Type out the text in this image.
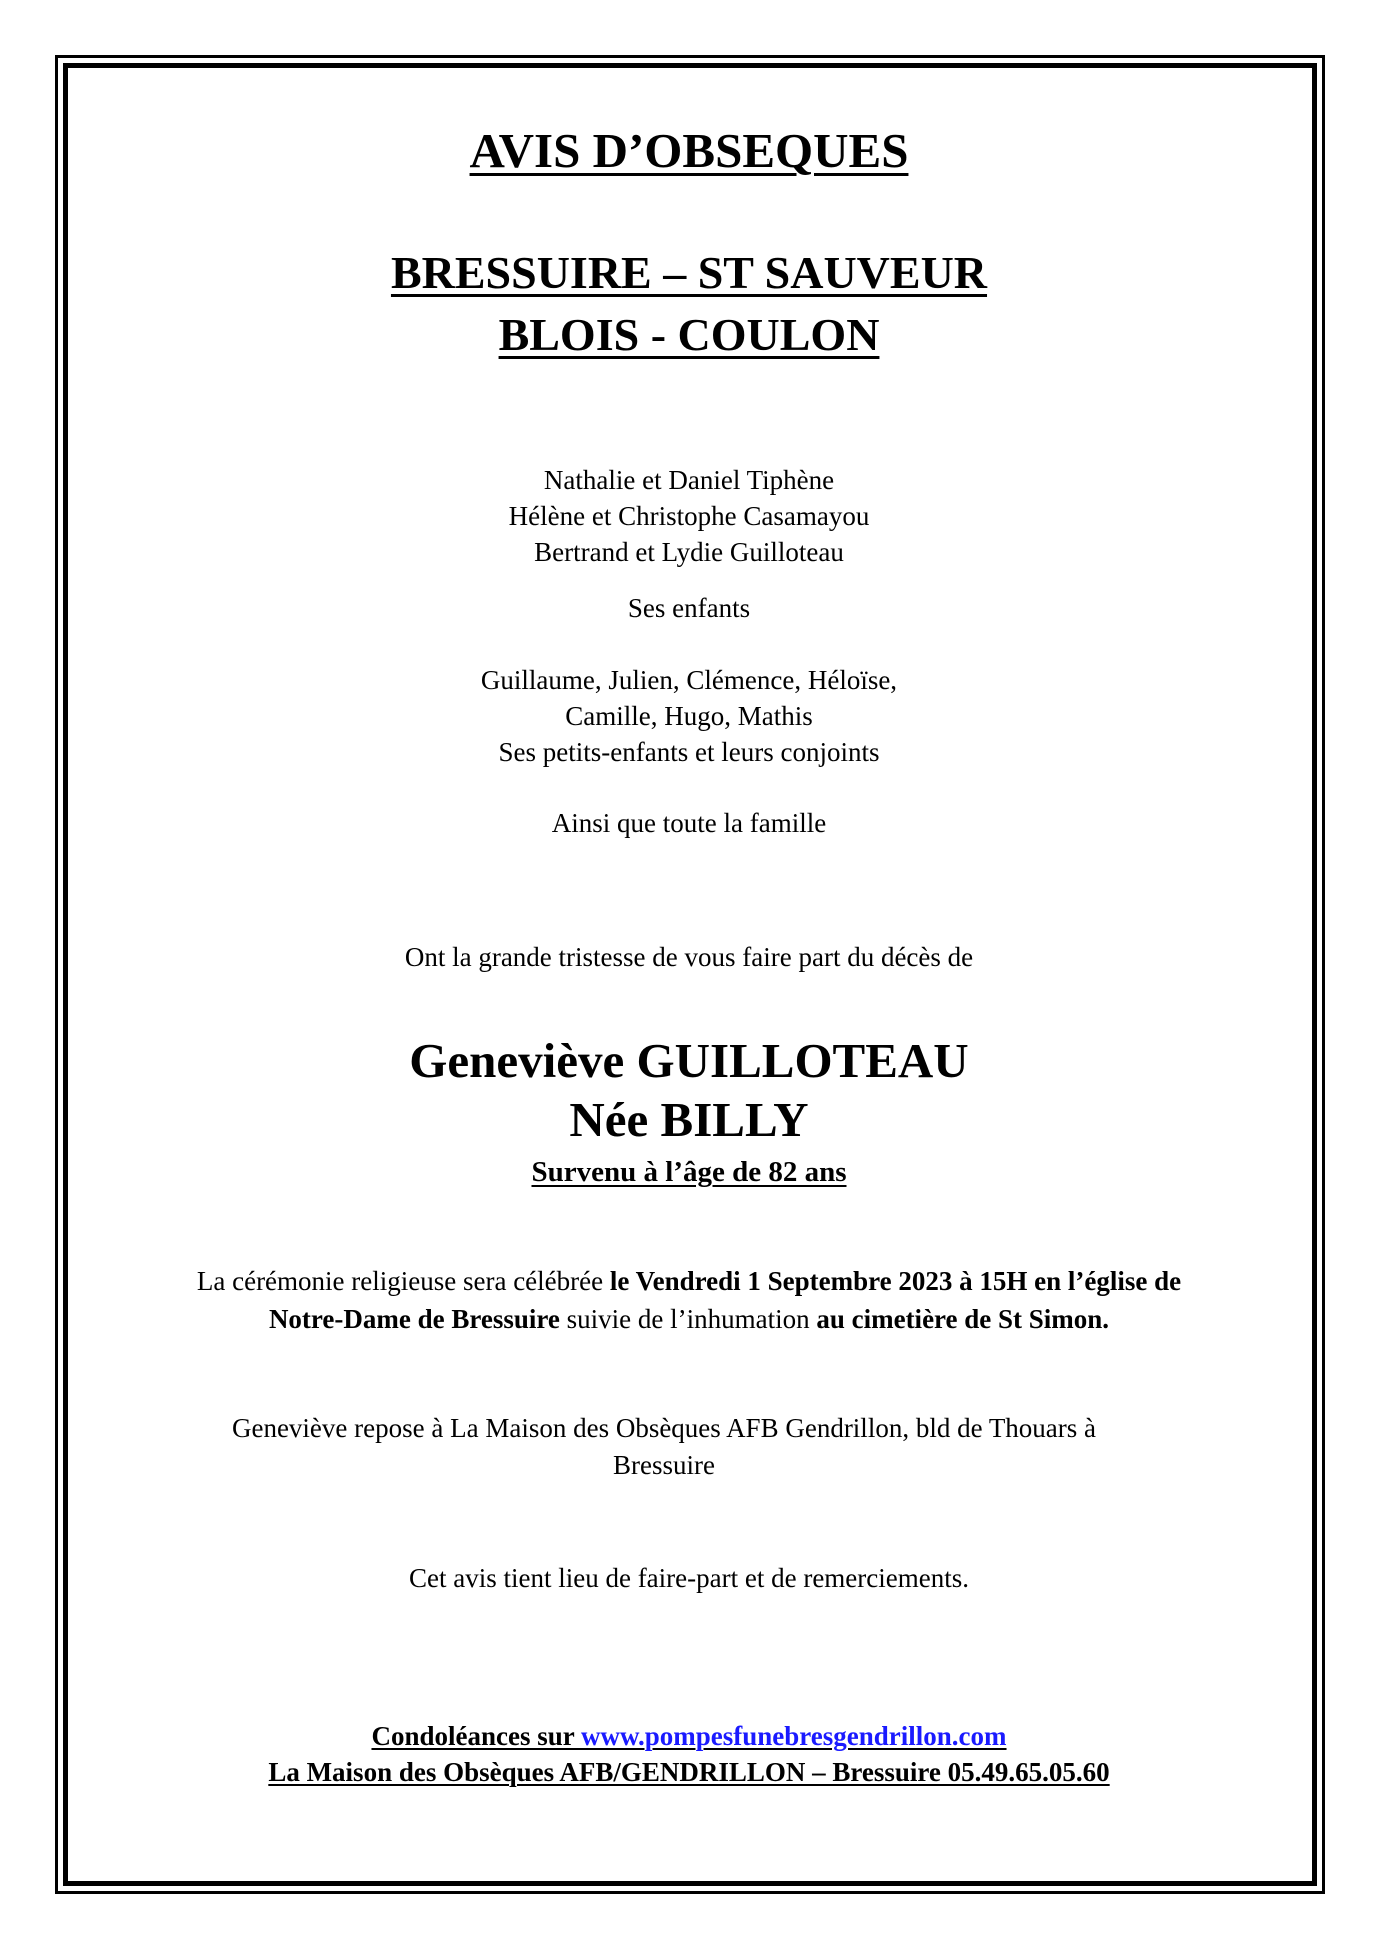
AVIS D’OBSEQUES
BRESSUIRE – ST SAUVEUR
BLOIS - COULON
Nathalie et Daniel Tiphène
Hélène et Christophe Casamayou
Bertrand et Lydie Guilloteau
Ses enfants
Guillaume, Julien, Clémence, Héloïse,
Camille, Hugo, Mathis
Ses petits-enfants et leurs conjoints
Ainsi que toute la famille
Ont la grande tristesse de vous faire part du décès de
Geneviève GUILLOTEAU
Née BILLY
Survenu à l’âge de 82 ans
La cérémonie religieuse sera célébrée le Vendredi 1 Septembre 2023 à 15H en l’église de
Notre-Dame de Bressuire suivie de l’inhumation au cimetière de St Simon.
Geneviève repose à La Maison des Obsèques AFB Gendrillon, bld de Thouars à
Bressuire
Cet avis tient lieu de faire-part et de remerciements.
Condoléances sur www.pompesfunebresgendrillon.com
La Maison des Obsèques AFB/GENDRILLON – Bressuire 05.49.65.05.60
